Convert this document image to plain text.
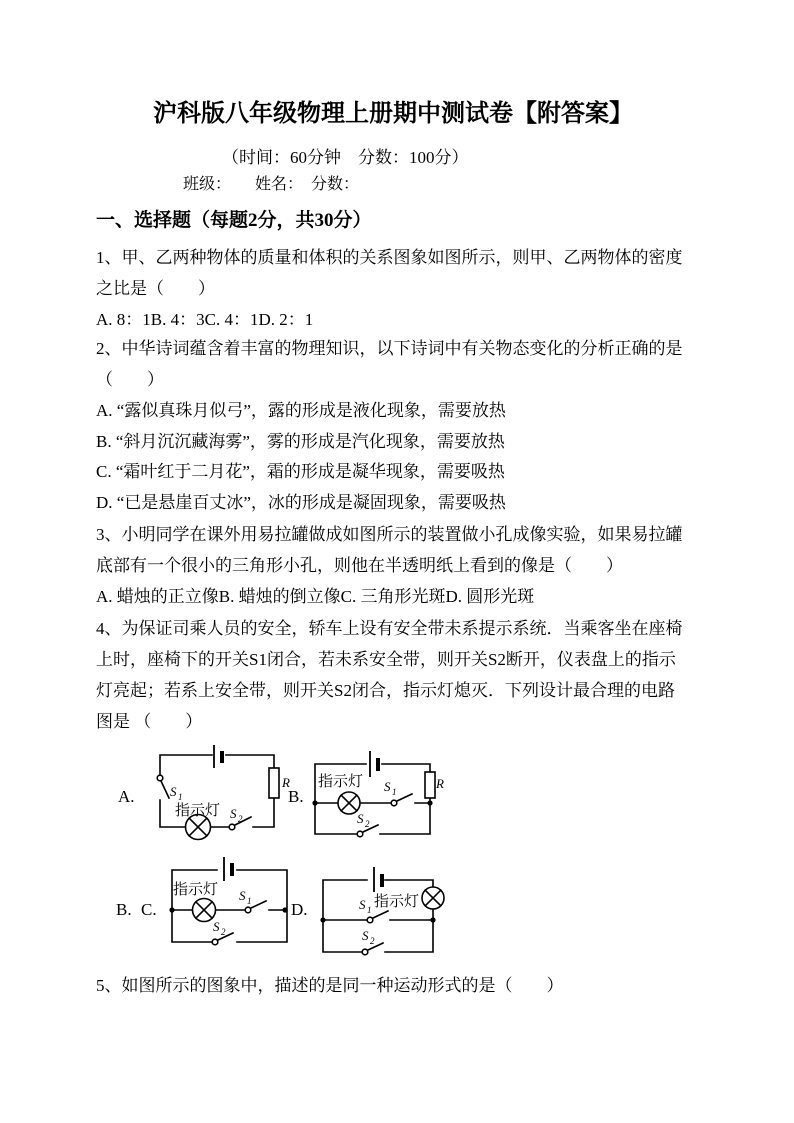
沪科版八年级物理上册期中测试卷【附答案】
（时间：60分钟　分数：100分）
班级：　　姓名：　分数：
一、选择题（每题2分，共30分）
1、甲、乙两种物体的质量和体积的关系图象如图所示，则甲、乙两物体的密度
之比是（　　）
A. 8：1B. 4：3C. 4：1D. 2：1
2、中华诗词蕴含着丰富的物理知识，以下诗词中有关物态变化的分析正确的是
（　　）
A. “露似真珠月似弓”，露的形成是液化现象，需要放热
B. “斜月沉沉藏海雾”，雾的形成是汽化现象，需要放热
C. “霜叶红于二月花”，霜的形成是凝华现象，需要吸热
D. “已是悬崖百丈冰”，冰的形成是凝固现象，需要吸热
3、小明同学在课外用易拉罐做成如图所示的装置做小孔成像实验，如果易拉罐
底部有一个很小的三角形小孔，则他在半透明纸上看到的像是（　　）
A. 蜡烛的正立像B. 蜡烛的倒立像C. 三角形光斑D. 圆形光斑
4、为保证司乘人员的安全，轿车上设有安全带未系提示系统．当乘客坐在座椅
上时，座椅下的开关S1闭合，若未系安全带，则开关S2断开，仪表盘上的指示
灯亮起；若系上安全带，则开关S2闭合，指示灯熄灭．下列设计最合理的电路
图是 （　　）
A.	B.
B. C.	D.
R
指示灯
S 1
S 2
指示灯 S 1
S 2
R
指示灯 S 1
S 2
S 1 指示灯
S 2
5、如图所示的图象中，描述的是同一种运动形式的是（　　）
